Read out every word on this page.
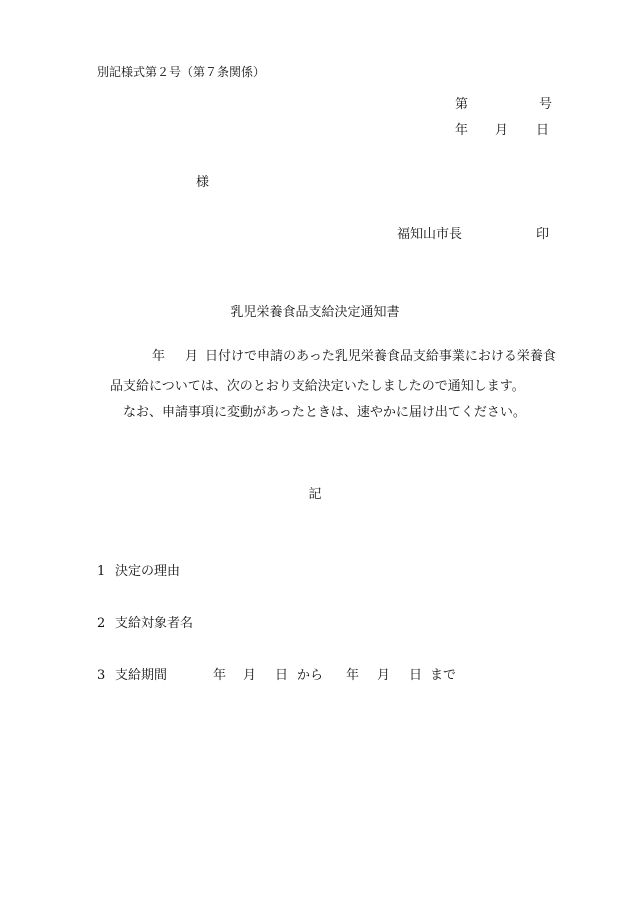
別記様式第２号（第７条関係）
第	号
年 月 日
様
福知山市長	印
乳児栄養食品支給決定通知書
年 月 日付けで申請のあった乳児栄養食品支給事業における栄養食
品支給については、次のとおり支給決定いたしましたので通知します。
なお、申請事項に変動があったときは、速やかに届け出てください。
記
1 決定の理由
2 支給対象者名
3 支給期間	年 月 日 から 年 月 日 まで
